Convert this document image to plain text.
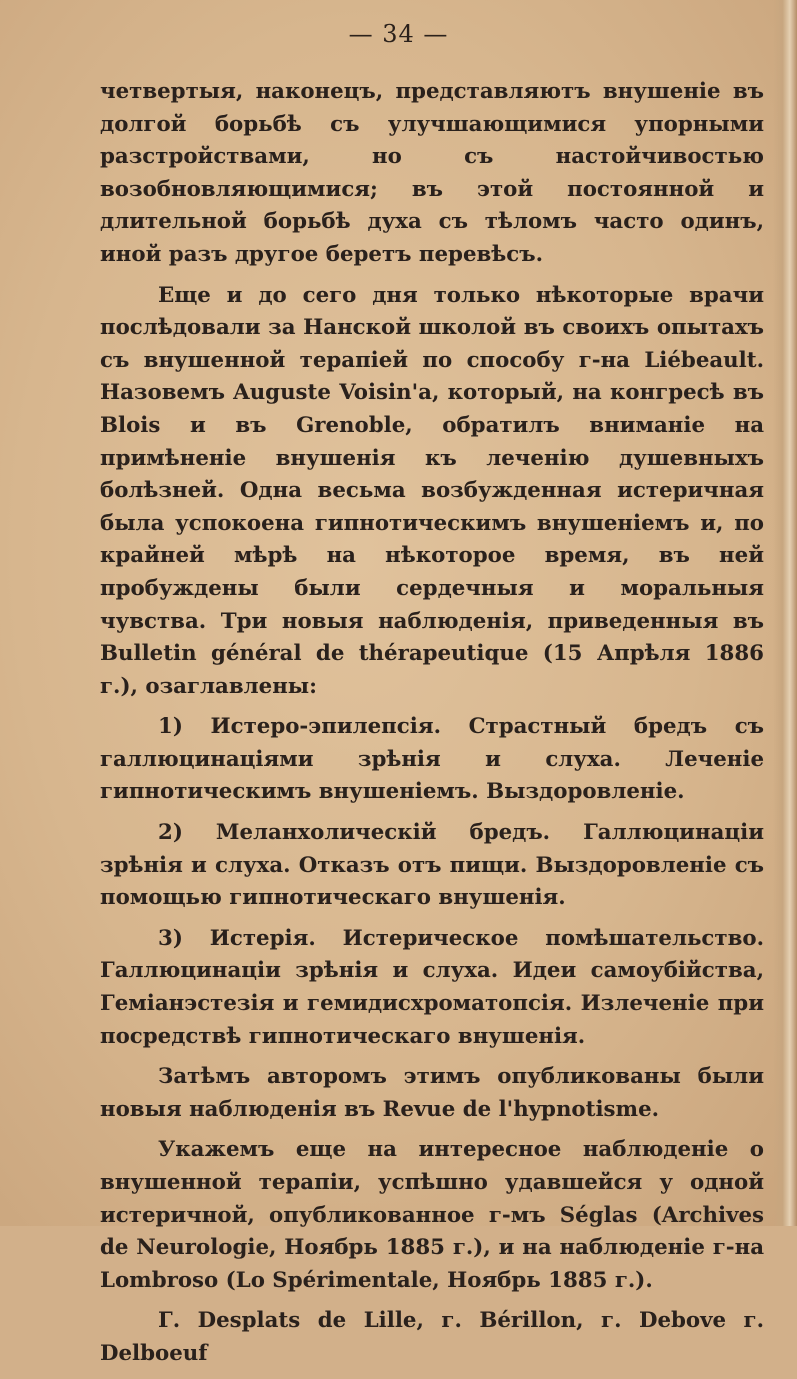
— 34 —

четвертыя, наконецъ, представляютъ внушеніе въ долгой борьбѣ съ улучшающимися упорными разстройствами, но съ настойчивостью возобновляющимися; въ этой постоянной и длительной борьбѣ духа съ тѣломъ часто одинъ, иной разъ другое беретъ перевѣсъ.

Еще и до сего дня только нѣкоторые врачи послѣдовали за Нанской школой въ своихъ опытахъ съ внушенной терапіей по способу г-на Liébeault. Назовемъ Auguste Voisin'a, который, на конгресѣ въ Blois и въ Grenoble, обратилъ вниманіе на примѣненіе внушенія къ леченію душевныхъ болѣзней. Одна весьма возбужденная истеричная была успокоена гипнотическимъ внушеніемъ и, по крайней мѣрѣ на нѣкоторое время, въ ней пробуждены были сердечныя и моральныя чувства. Три новыя наблюденія, приведенныя въ Bulletin général de thérapeutique (15 Апрѣля 1886 г.), озаглавлены:

1) Истеро-эпилепсія. Страстный бредъ съ галлюцинаціями зрѣнія и слуха. Леченіе гипнотическимъ внушеніемъ. Выздоровленіе.

2) Меланхолическій бредъ. Галлюцинаціи зрѣнія и слуха. Отказъ отъ пищи. Выздоровленіе съ помощью гипнотическаго внушенія.

3) Истерія. Истерическое помѣшательство. Галлюцинаціи зрѣнія и слуха. Идеи самоубійства, Геміанэстезія и гемидисхроматопсія. Излеченіе при посредствѣ гипнотическаго внушенія.

Затѣмъ авторомъ этимъ опубликованы были новыя наблюденія въ Revue de l'hypnotisme.

Укажемъ еще на интересное наблюденіе о внушенной терапіи, успѣшно удавшейся у одной истеричной, опубликованное г-мъ Séglas (Archives de Neurologie, Ноябрь 1885 г.), и на наблюденіе г-на Lombroso (Lo Spérimentale, Ноябрь 1885 г.).

Г. Desplats de Lille, г. Bérillon, г. Debove г. Delboeuf
